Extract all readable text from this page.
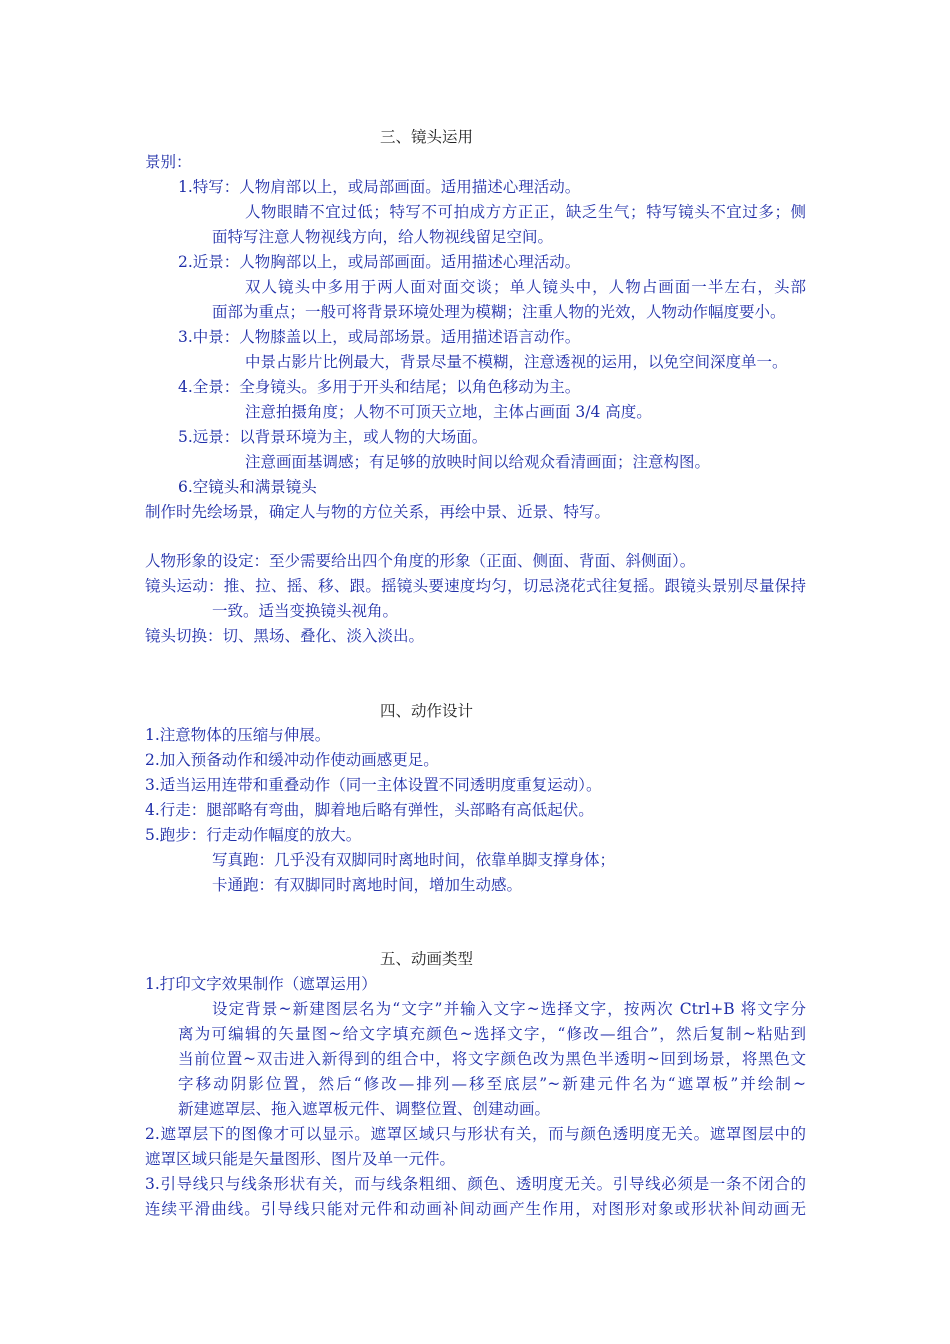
三、镜头运用
景别：
1.特写：人物肩部以上，或局部画面。适用描述心理活动。
人物眼睛不宜过低；特写不可拍成方方正正，缺乏生气；特写镜头不宜过多；侧
面特写注意人物视线方向，给人物视线留足空间。
2.近景：人物胸部以上，或局部画面。适用描述心理活动。
双人镜头中多用于两人面对面交谈；单人镜头中，人物占画面一半左右，头部
面部为重点；一般可将背景环境处理为模糊；注重人物的光效，人物动作幅度要小。
3.中景：人物膝盖以上，或局部场景。适用描述语言动作。
中景占影片比例最大，背景尽量不模糊，注意透视的运用，以免空间深度单一。
4.全景：全身镜头。多用于开头和结尾；以角色移动为主。
注意拍摄角度；人物不可顶天立地，主体占画面 3/4 高度。
5.远景：以背景环境为主，或人物的大场面。
注意画面基调感；有足够的放映时间以给观众看清画面；注意构图。
6.空镜头和满景镜头
制作时先绘场景，确定人与物的方位关系，再绘中景、近景、特写。
人物形象的设定：至少需要给出四个角度的形象（正面、侧面、背面、斜侧面）。
镜头运动：推、拉、摇、移、跟。摇镜头要速度均匀，切忌浇花式往复摇。跟镜头景别尽量保持
一致。适当变换镜头视角。
镜头切换：切、黑场、叠化、淡入淡出。
四、动作设计
1.注意物体的压缩与伸展。
2.加入预备动作和缓冲动作使动画感更足。
3.适当运用连带和重叠动作（同一主体设置不同透明度重复运动）。
4.行走：腿部略有弯曲，脚着地后略有弹性，头部略有高低起伏。
5.跑步：行走动作幅度的放大。
写真跑：几乎没有双脚同时离地时间，依靠单脚支撑身体；
卡通跑：有双脚同时离地时间，增加生动感。
五、动画类型
1.打印文字效果制作（遮罩运用）
设定背景~新建图层名为“文字”并输入文字~选择文字，按两次 Ctrl+B 将文字分
离为可编辑的矢量图~给文字填充颜色~选择文字，“修改—组合”，然后复制~粘贴到
当前位置~双击进入新得到的组合中，将文字颜色改为黑色半透明~回到场景，将黑色文
字移动阴影位置，然后“修改—排列—移至底层”~新建元件名为“遮罩板”并绘制~
新建遮罩层、拖入遮罩板元件、调整位置、创建动画。
2.遮罩层下的图像才可以显示。遮罩区域只与形状有关，而与颜色透明度无关。遮罩图层中的
遮罩区域只能是矢量图形、图片及单一元件。
3.引导线只与线条形状有关，而与线条粗细、颜色、透明度无关。引导线必须是一条不闭合的
连续平滑曲线。引导线只能对元件和动画补间动画产生作用，对图形对象或形状补间动画无
